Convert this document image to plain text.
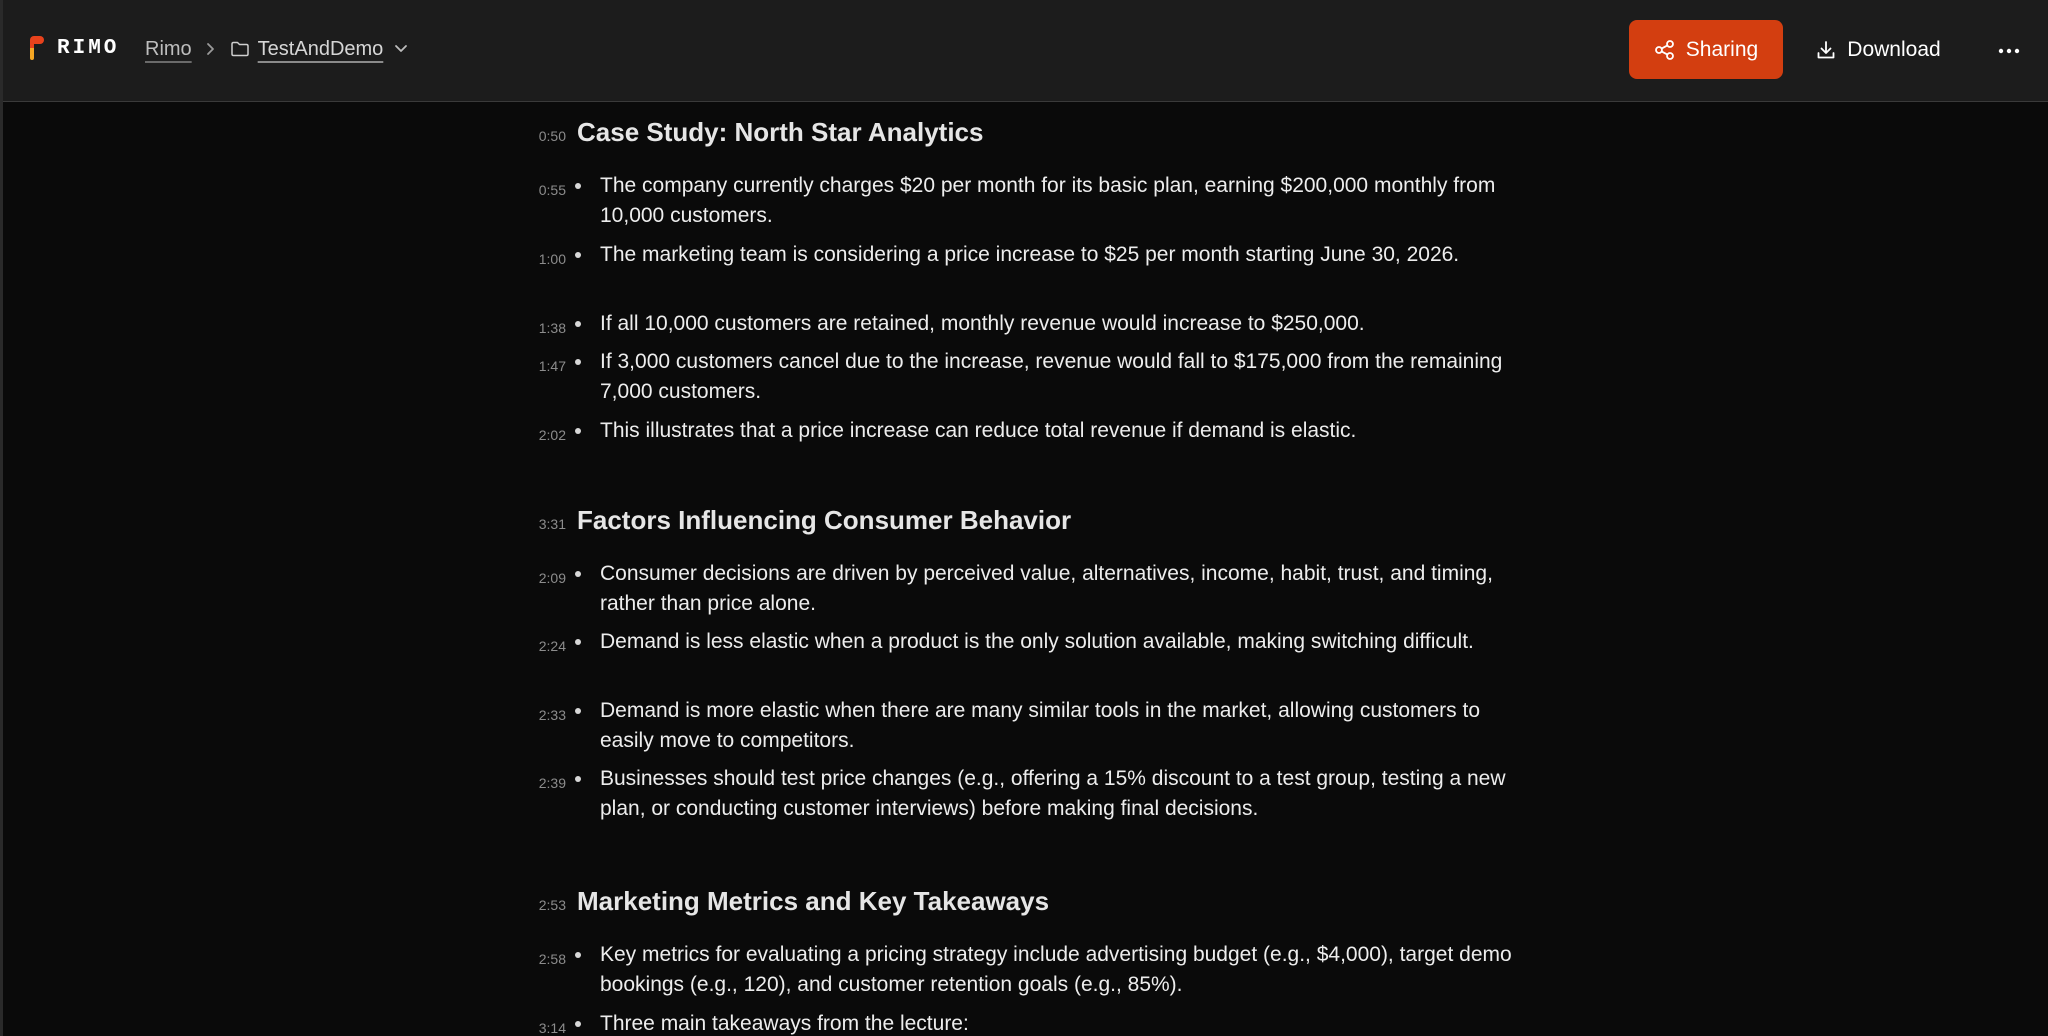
RIMO Rimo	TestAndDemo	Sharing	Download
0:50 Case Study: North Star Analytics
0:55 The company currently charges $20 per month for its basic plan, earning $200,000 monthly from 10,000 customers.
1:00 The marketing team is considering a price increase to $25 per month starting June 30, 2026.
1:38 If all 10,000 customers are retained, monthly revenue would increase to $250,000.
1:47 If 3,000 customers cancel due to the increase, revenue would fall to $175,000 from the remaining 7,000 customers.
2:02 This illustrates that a price increase can reduce total revenue if demand is elastic.
3:31 Factors Influencing Consumer Behavior
2:09 Consumer decisions are driven by perceived value, alternatives, income, habit, trust, and timing, rather than price alone.
2:24 Demand is less elastic when a product is the only solution available, making switching difficult.
2:33 Demand is more elastic when there are many similar tools in the market, allowing customers to easily move to competitors.
2:39 Businesses should test price changes (e.g., offering a 15% discount to a test group, testing a new plan, or conducting customer interviews) before making final decisions.
2:53 Marketing Metrics and Key Takeaways
2:58 Key metrics for evaluating a pricing strategy include advertising budget (e.g., $4,000), target demo bookings (e.g., 120), and customer retention goals (e.g., 85%).
3:14 Three main takeaways from the lecture:
